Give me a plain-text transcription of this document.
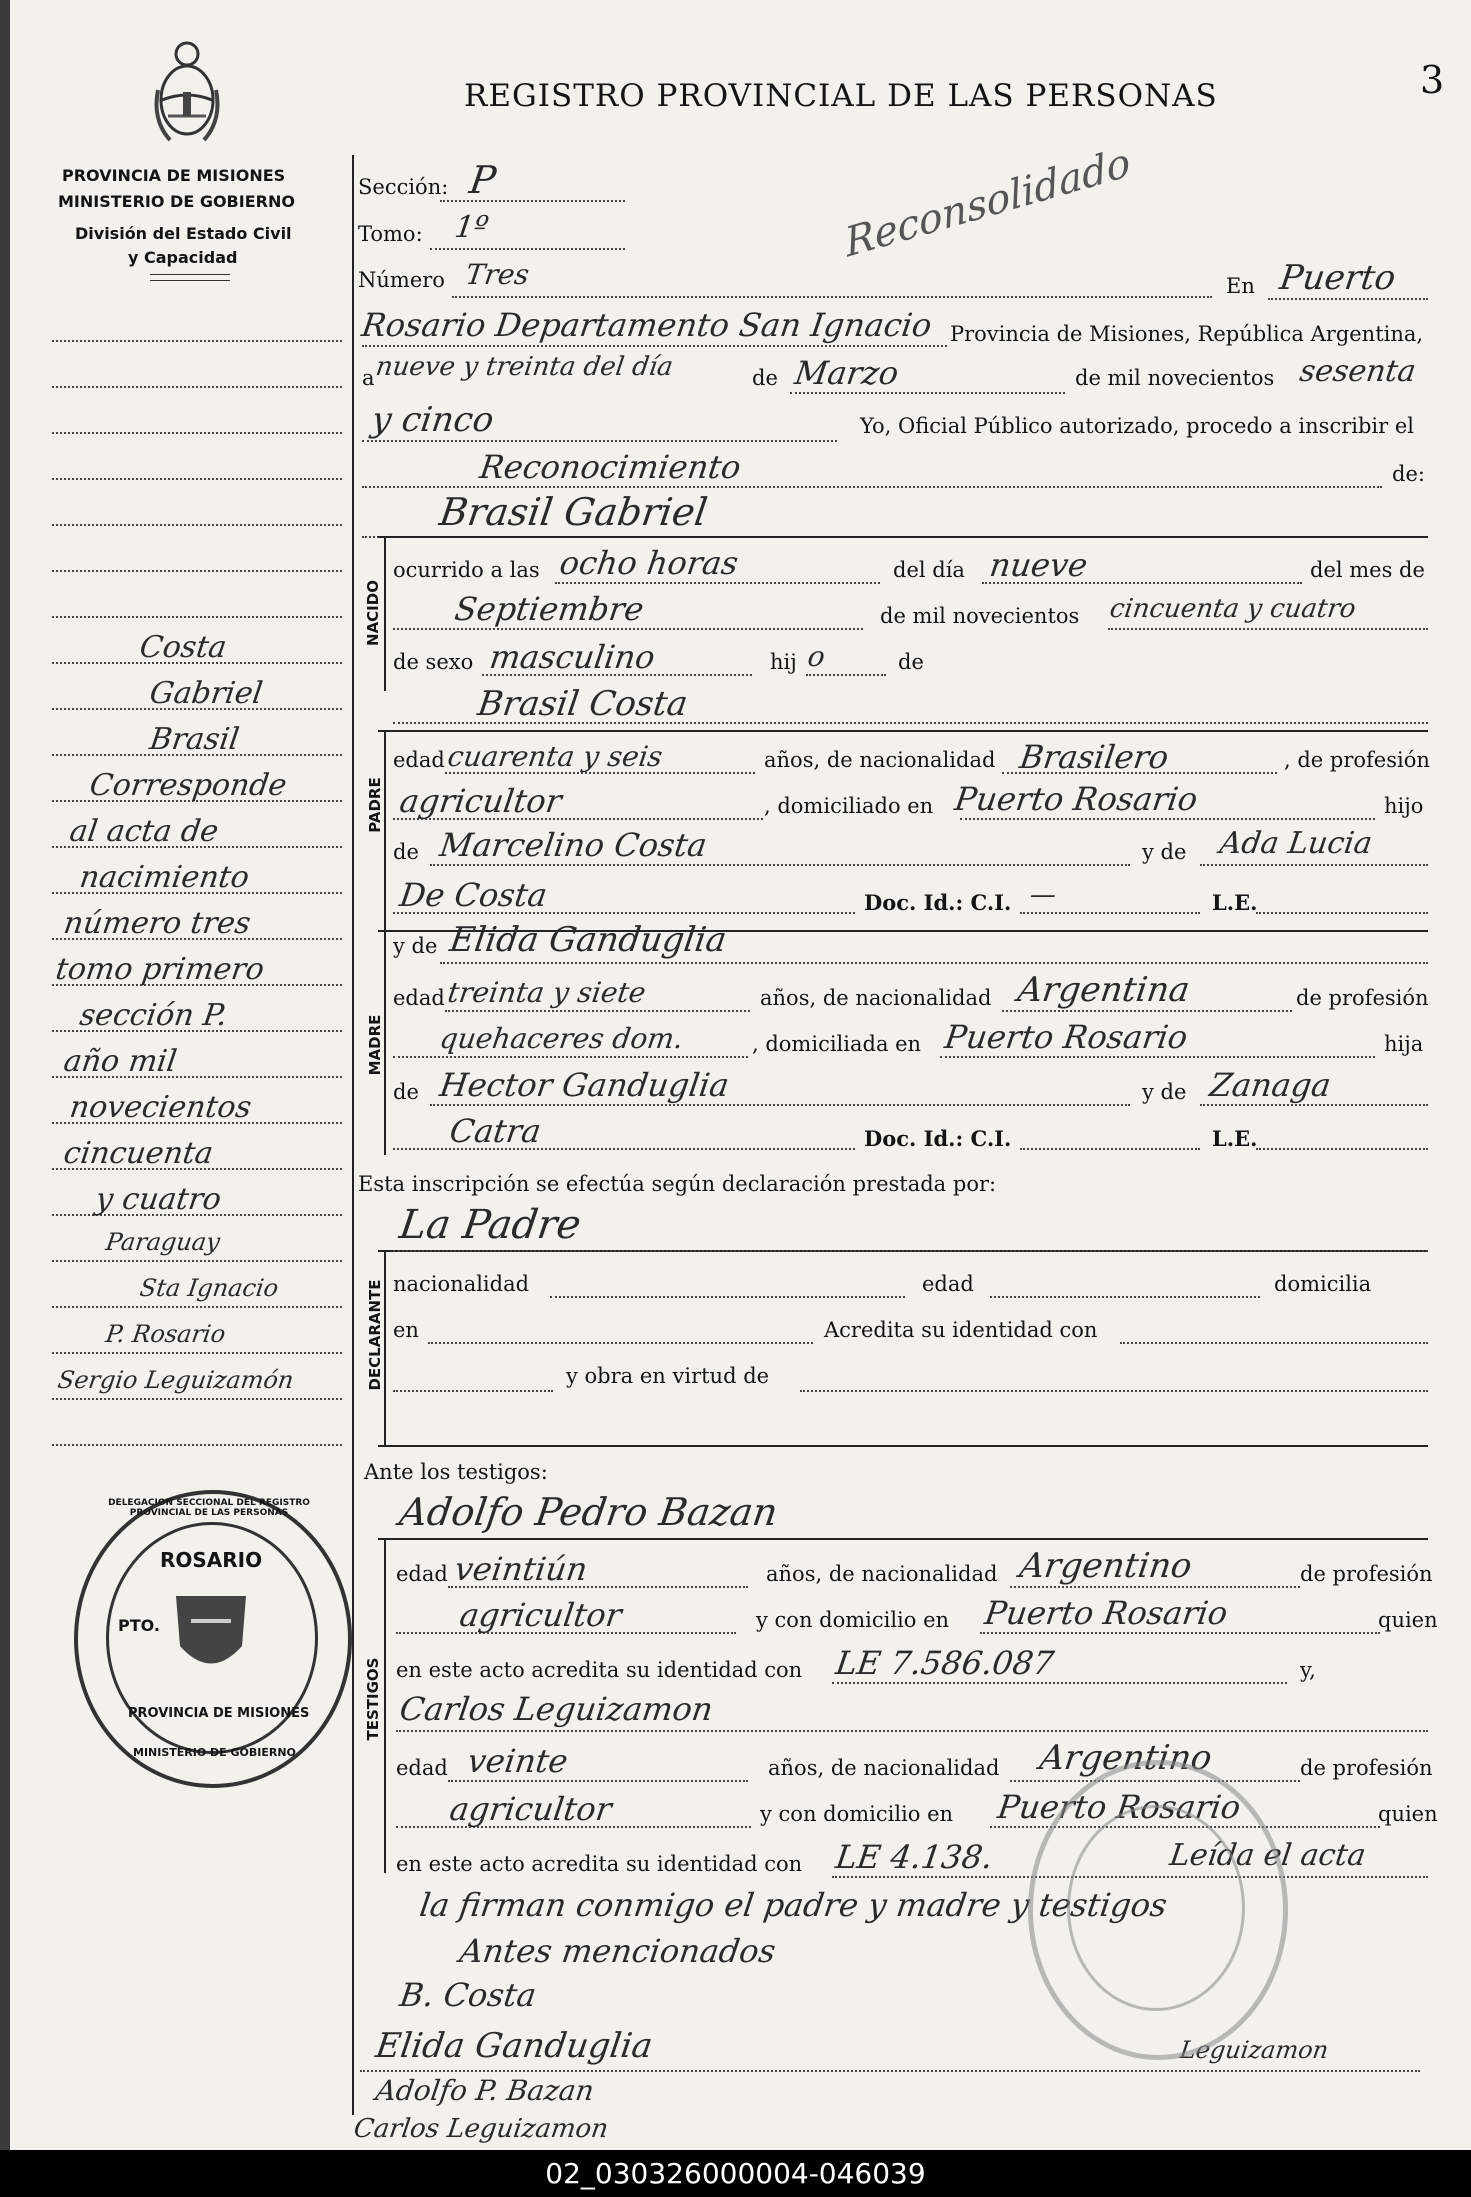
REGISTRO PROVINCIAL DE LAS PERSONAS	3
PROVINCIA DE MISIONES
MINISTERIO DE GOBIERNO
División del Estado Civil
y Capacidad	Reconsolidado
Sección: P
Tomo: 1º
Número Tres	En Puerto
Rosario Departamento San Ignacio Provincia de Misiones, República Argentina,
a nueve y treinta del día	de Marzo	de mil novecientos sesenta
y cinco	Yo, Oficial Público autorizado, procedo a inscribir el
Reconocimiento	de:
Brasil Gabriel
NACIDO
ocurrido a las ocho horas	del día nueve	del mes de
Septiembre	de mil novecientos cincuenta y cuatro
de sexo masculino	hij o	de
Brasil Costa
PADRE
edad cuarenta y seis	años, de nacionalidad Brasilero	, de profesión
agricultor	, domiciliado en Puerto Rosario	hijo
de Marcelino Costa	y de Ada Lucia
De Costa	Doc. Id.: C.I. —	L.E.
MADRE
y de Elida Ganduglia
edad treinta y siete	años, de nacionalidad Argentina	de profesión
quehaceres dom.	, domiciliada en Puerto Rosario	hija
de Hector Ganduglia	y de Zanaga
Catra	Doc. Id.: C.I.	L.E.
Esta inscripción se efectúa según declaración prestada por:
La Padre
DECLARANTE nacionalidad	edad	domicilia
en	Acredita su identidad con
y obra en virtud de
Ante los testigos:
Adolfo Pedro Bazan
TESTIGOS
edad veintiún	años, de nacionalidad Argentino	de profesión
agricultor	y con domicilio en Puerto Rosario	quien
en este acto acredita su identidad con LE 7.586.087	y,
Carlos Leguizamon
edad veinte	años, de nacionalidad Argentino	de profesión
agricultor	y con domicilio en Puerto Rosario	quien
en este acto acredita su identidad con LE 4.138.	Leída el acta
la firman conmigo el padre y madre y testigos
Antes mencionados
B. Costa
Elida Ganduglia
Adolfo P. Bazan
Carlos Leguizamon
Leguizamon
Costa
Gabriel
Brasil
Corresponde
al acta de
nacimiento
número tres
tomo primero
sección P.
año mil
novecientos
cincuenta
y cuatro
Paraguay
Sta Ignacio
P. Rosario
Sergio Leguizamón
DELEGACION SECCIONAL DEL REGISTRO PROVINCIAL DE LAS PERSONAS
ROSARIO
PTO.
PROVINCIA DE MISIONES
MINISTERIO DE GOBIERNO
02_030326000004-046039
